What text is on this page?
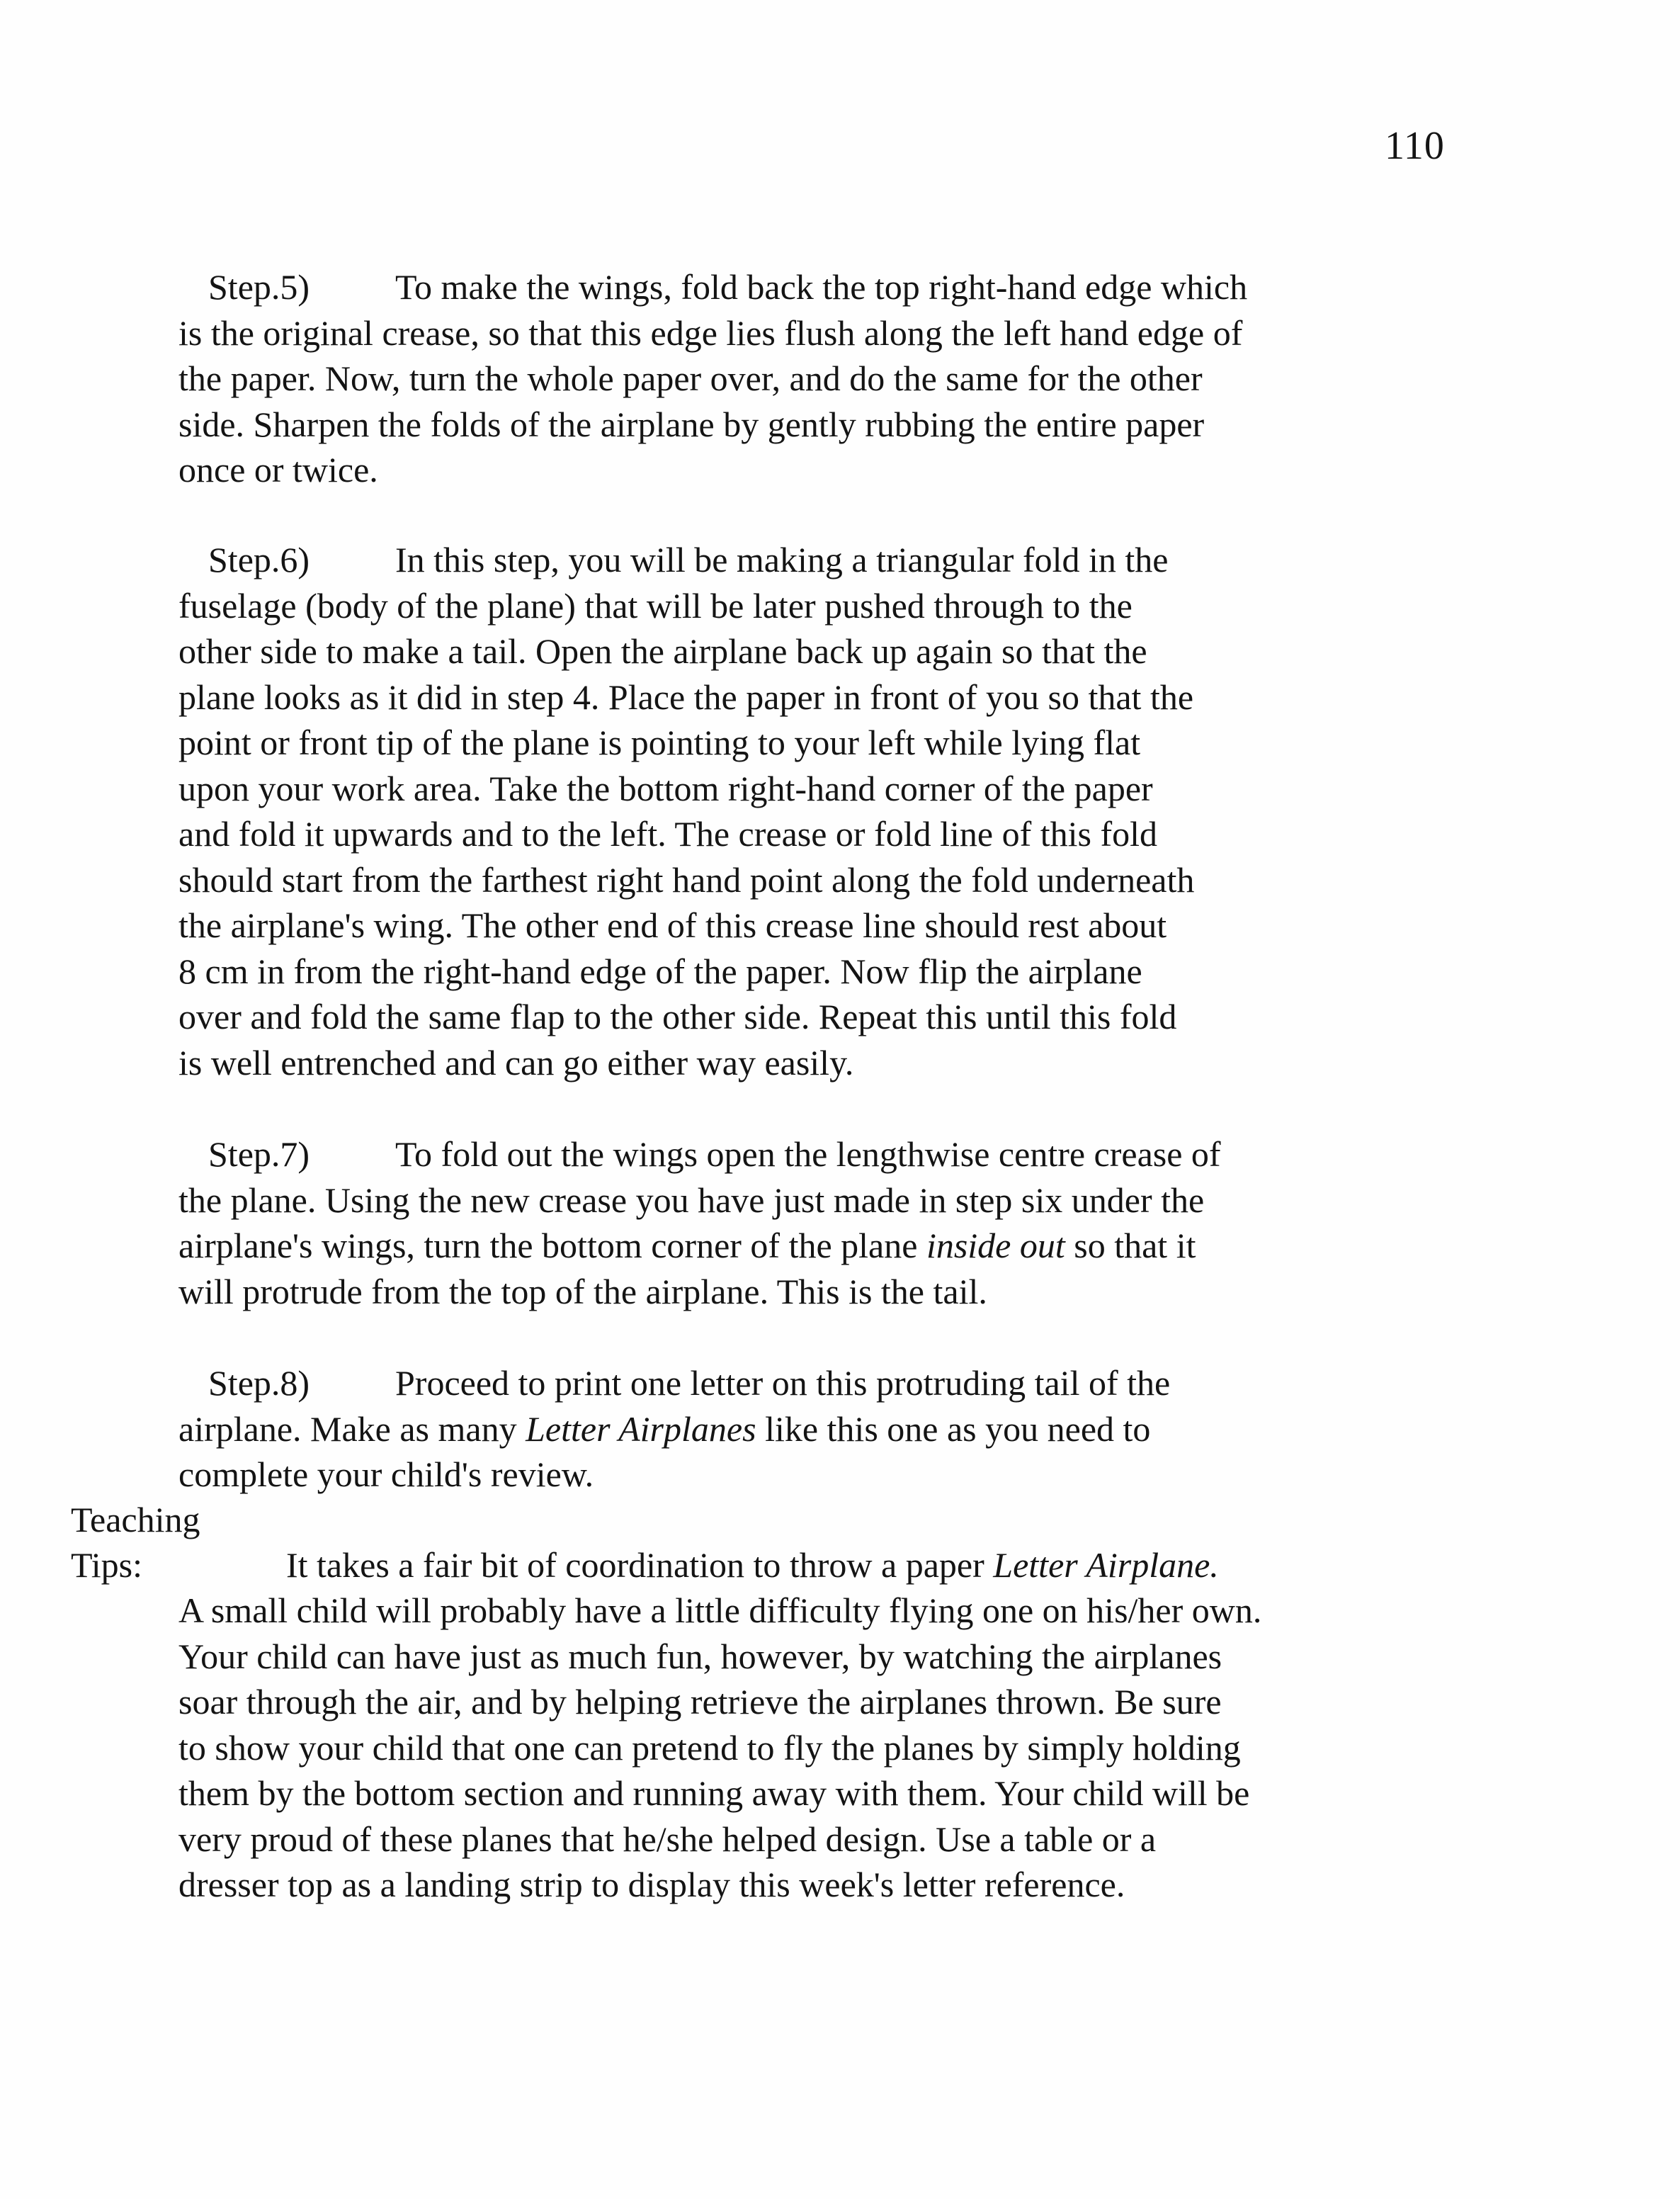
110
Step.5) To make the wings, fold back the top right-hand edge which
is the original crease, so that this edge lies flush along the left hand edge of
the paper. Now, turn the whole paper over, and do the same for the other
side. Sharpen the folds of the airplane by gently rubbing the entire paper
once or twice.
Step.6) In this step, you will be making a triangular fold in the
fuselage (body of the plane) that will be later pushed through to the
other side to make a tail. Open the airplane back up again so that the
plane looks as it did in step 4. Place the paper in front of you so that the
point or front tip of the plane is pointing to your left while lying flat
upon your work area. Take the bottom right-hand corner of the paper
and fold it upwards and to the left. The crease or fold line of this fold
should start from the farthest right hand point along the fold underneath
the airplane's wing. The other end of this crease line should rest about
8 cm in from the right-hand edge of the paper. Now flip the airplane
over and fold the same flap to the other side. Repeat this until this fold
is well entrenched and can go either way easily.
Step.7) To fold out the wings open the lengthwise centre crease of
the plane. Using the new crease you have just made in step six under the
airplane's wings, turn the bottom corner of the plane inside out so that it
will protrude from the top of the airplane. This is the tail.
Step.8) Proceed to print one letter on this protruding tail of the
airplane. Make as many Letter Airplanes like this one as you need to
complete your child's review.
Teaching
Tips:	It takes a fair bit of coordination to throw a paper Letter Airplane.
A small child will probably have a little difficulty flying one on his/her own.
Your child can have just as much fun, however, by watching the airplanes
soar through the air, and by helping retrieve the airplanes thrown. Be sure
to show your child that one can pretend to fly the planes by simply holding
them by the bottom section and running away with them. Your child will be
very proud of these planes that he/she helped design. Use a table or a
dresser top as a landing strip to display this week's letter reference.
